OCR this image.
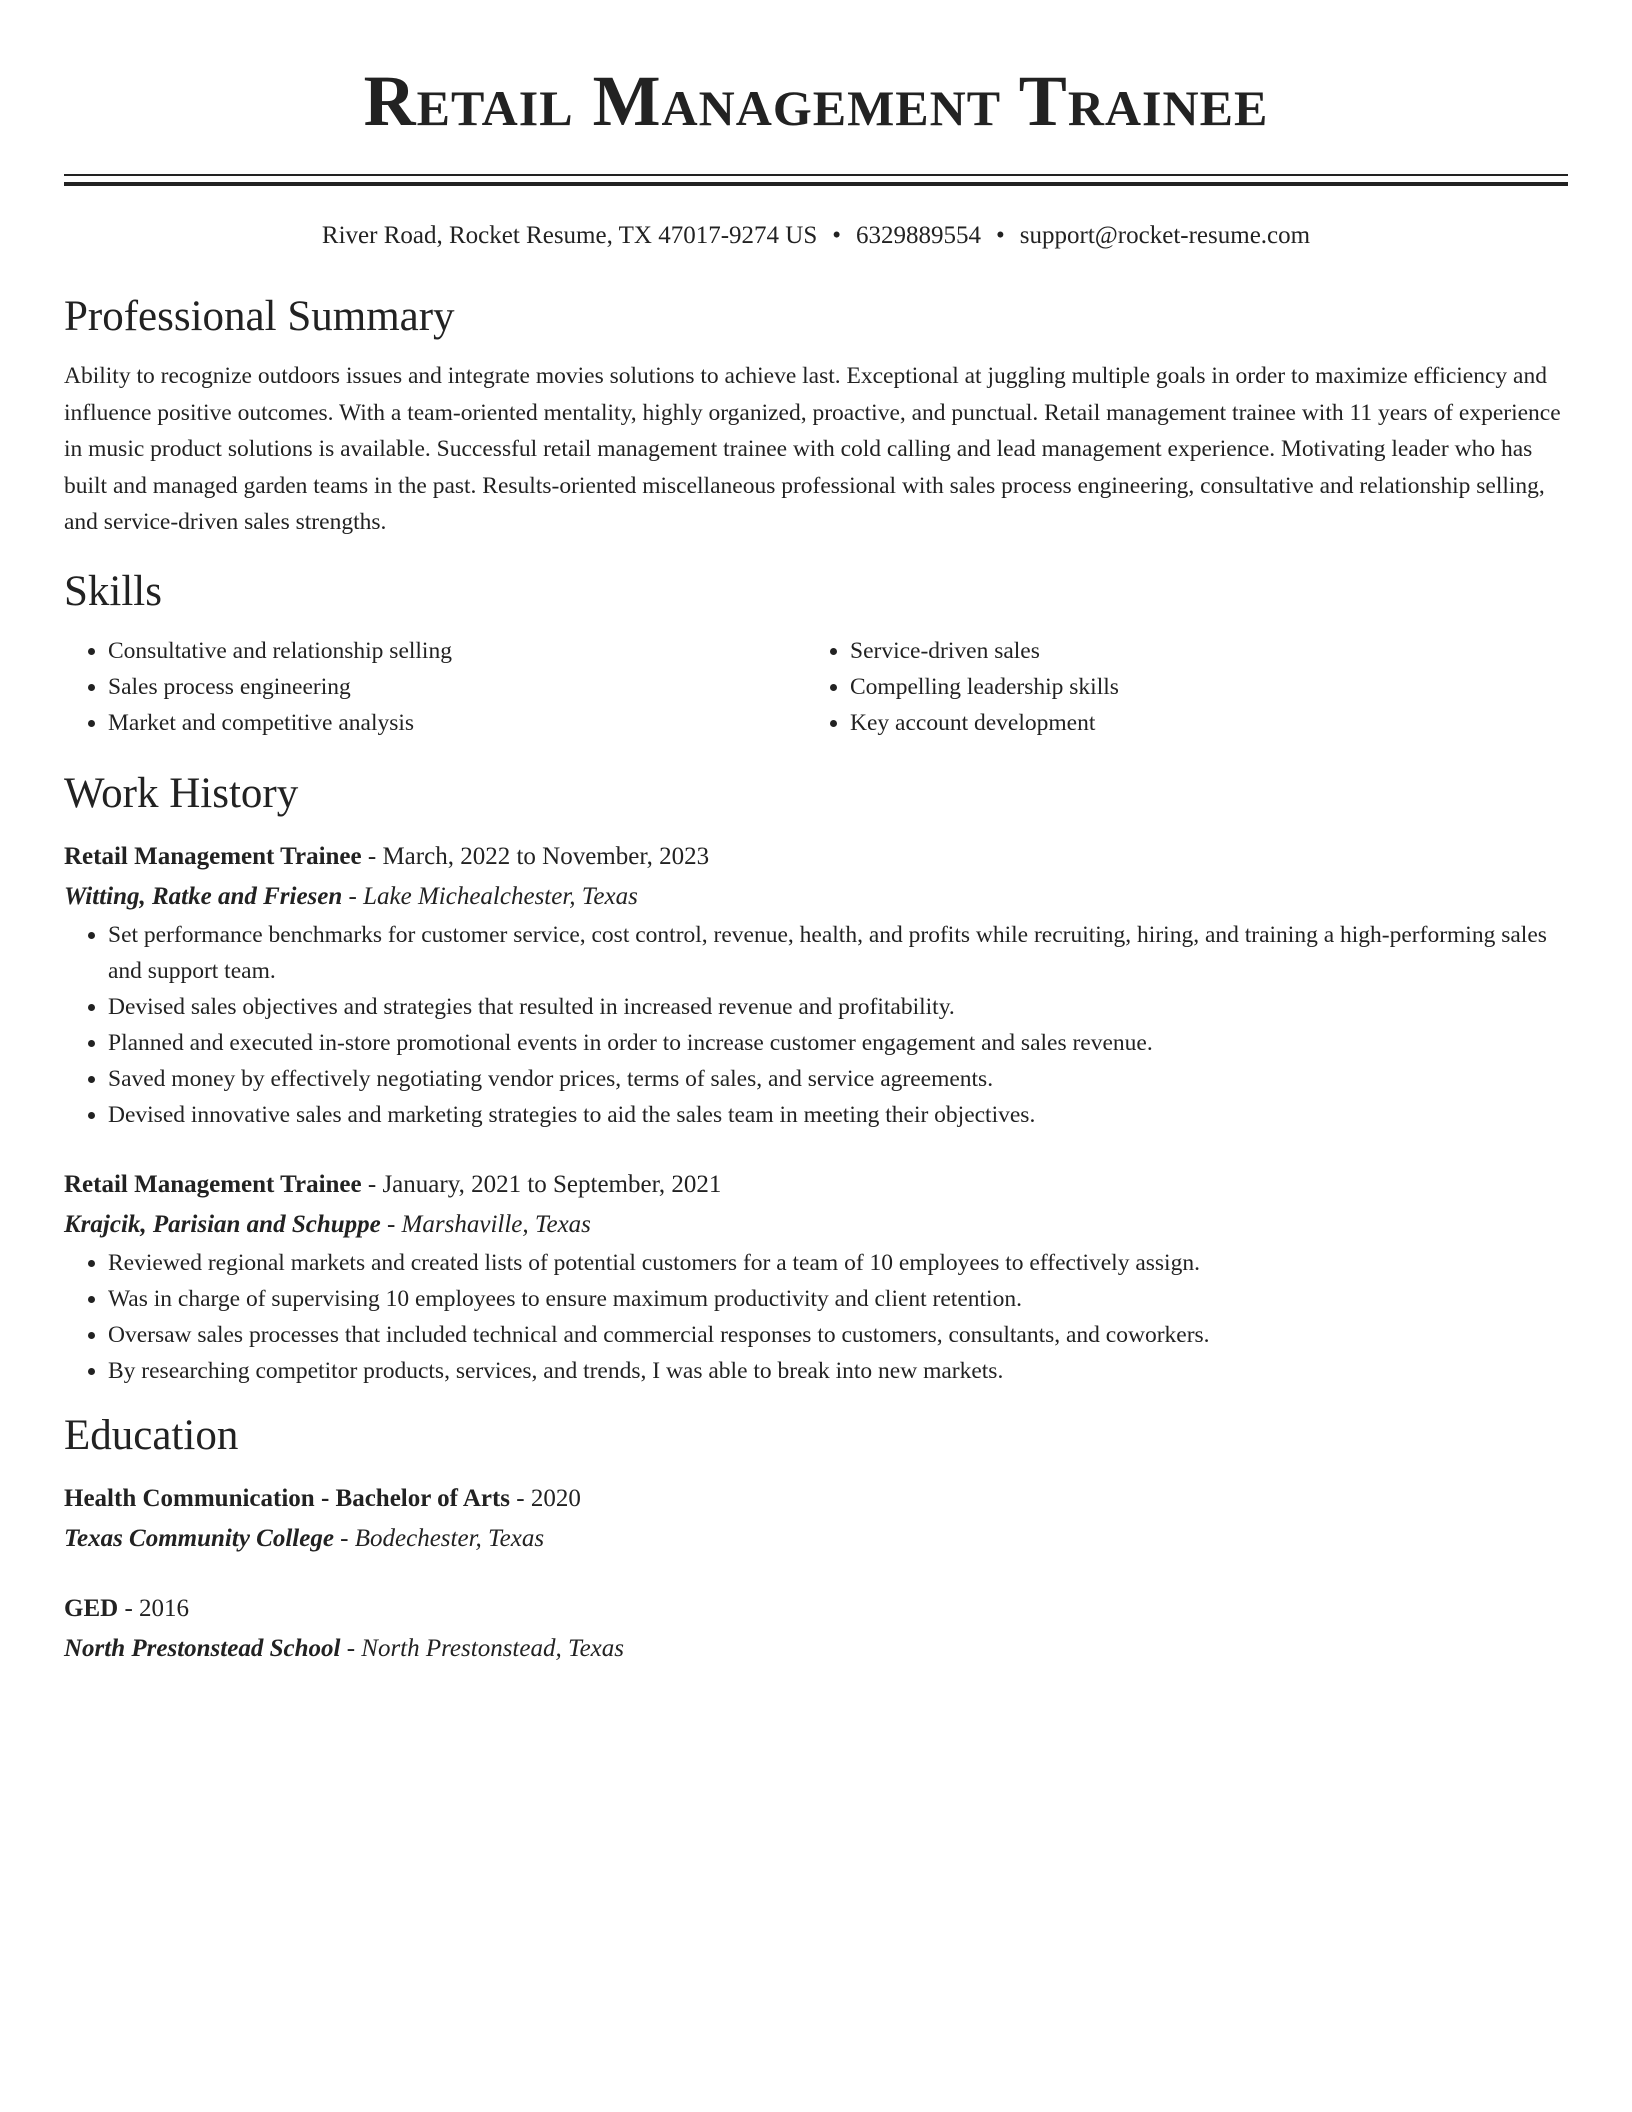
Retail Management Trainee
River Road, Rocket Resume, TX 47017-9274 US • 6329889554 • support@rocket-resume.com
Professional Summary
Ability to recognize outdoors issues and integrate movies solutions to achieve last. Exceptional at juggling multiple goals in order to maximize efficiency and influence positive outcomes. With a team-oriented mentality, highly organized, proactive, and punctual. Retail management trainee with 11 years of experience in music product solutions is available. Successful retail management trainee with cold calling and lead management experience. Motivating leader who has built and managed garden teams in the past. Results-oriented miscellaneous professional with sales process engineering, consultative and relationship selling, and service-driven sales strengths.
Skills
• Consultative and relationship selling
• Sales process engineering
• Market and competitive analysis
• Service-driven sales
• Compelling leadership skills
• Key account development
Work History
Retail Management Trainee - March, 2022 to November, 2023
Witting, Ratke and Friesen - Lake Michealchester, Texas
• Set performance benchmarks for customer service, cost control, revenue, health, and profits while recruiting, hiring, and training a high-performing sales and support team.
• Devised sales objectives and strategies that resulted in increased revenue and profitability.
• Planned and executed in-store promotional events in order to increase customer engagement and sales revenue.
• Saved money by effectively negotiating vendor prices, terms of sales, and service agreements.
• Devised innovative sales and marketing strategies to aid the sales team in meeting their objectives.
Retail Management Trainee - January, 2021 to September, 2021
Krajcik, Parisian and Schuppe - Marshaville, Texas
• Reviewed regional markets and created lists of potential customers for a team of 10 employees to effectively assign.
• Was in charge of supervising 10 employees to ensure maximum productivity and client retention.
• Oversaw sales processes that included technical and commercial responses to customers, consultants, and coworkers.
• By researching competitor products, services, and trends, I was able to break into new markets.
Education
Health Communication - Bachelor of Arts - 2020
Texas Community College - Bodechester, Texas
GED - 2016
North Prestonstead School - North Prestonstead, Texas
